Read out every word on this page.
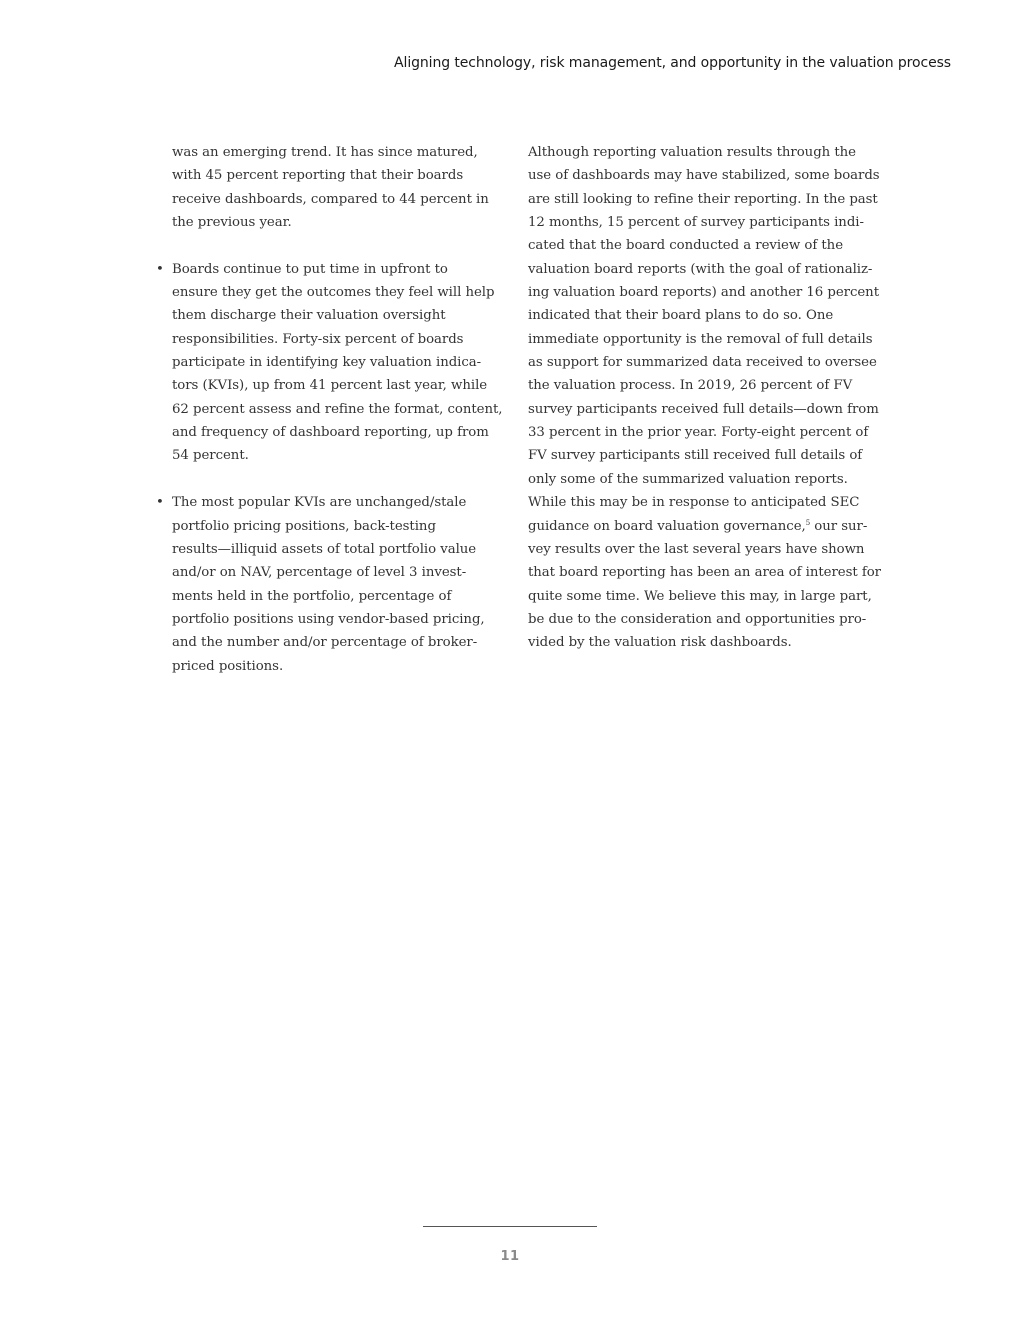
Aligning technology, risk management, and opportunity in the valuation process

was an emerging trend. It has since matured,
with 45 percent reporting that their boards
receive dashboards, compared to 44 percent in
the previous year.

• Boards continue to put time in upfront to
ensure they get the outcomes they feel will help
them discharge their valuation oversight
responsibilities. Forty-six percent of boards
participate in identifying key valuation indica-
tors (KVIs), up from 41 percent last year, while
62 percent assess and refine the format, content,
and frequency of dashboard reporting, up from
54 percent.
• The most popular KVIs are unchanged/stale
portfolio pricing positions, back-testing
results—illiquid assets of total portfolio value
and/or on NAV, percentage of level 3 invest-
ments held in the portfolio, percentage of
portfolio positions using vendor-based pricing,
and the number and/or percentage of broker-
priced positions.

Although reporting valuation results through the
use of dashboards may have stabilized, some boards
are still looking to refine their reporting. In the past
12 months, 15 percent of survey participants indi-
cated that the board conducted a review of the
valuation board reports (with the goal of rationaliz-
ing valuation board reports) and another 16 percent
indicated that their board plans to do so. One
immediate opportunity is the removal of full details
as support for summarized data received to oversee
the valuation process. In 2019, 26 percent of FV
survey participants received full details—down from
33 percent in the prior year. Forty-eight percent of
FV survey participants still received full details of
only some of the summarized valuation reports.
While this may be in response to anticipated SEC
guidance on board valuation governance,$^5$ our sur-
vey results over the last several years have shown
that board reporting has been an area of interest for
quite some time. We believe this may, in large part,
be due to the consideration and opportunities pro-
vided by the valuation risk dashboards.

11
